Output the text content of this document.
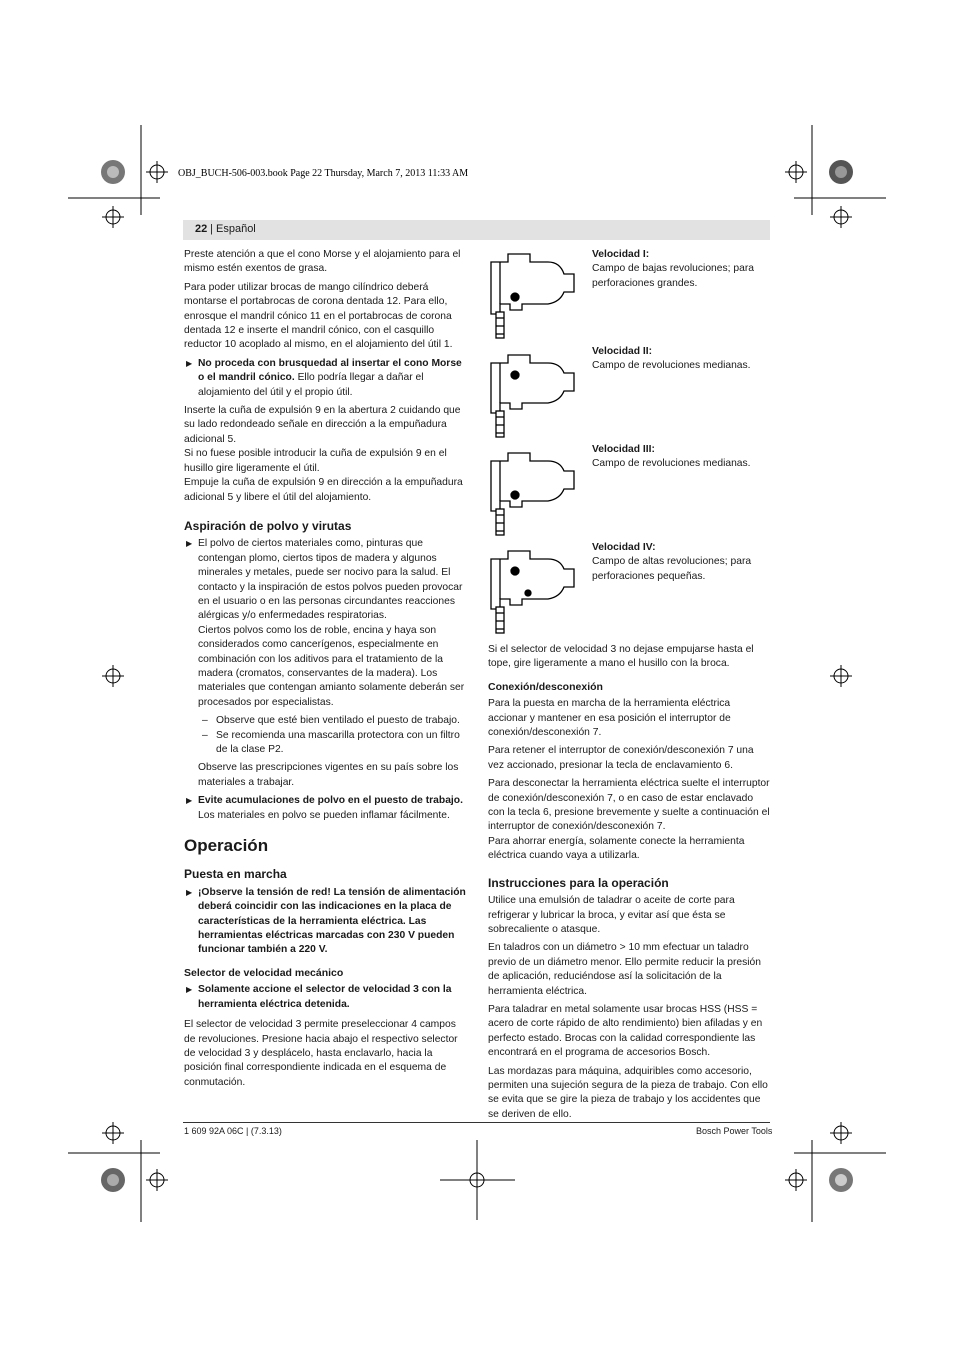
OBJ_BUCH-506-003.book Page 22 Thursday, March 7, 2013 11:33 AM
22 | Español

Preste atención a que el cono Morse y el alojamiento para el mismo estén exentos de grasa.

Para poder utilizar brocas de mango cilíndrico deberá montarse el portabrocas de corona dentada 12. Para ello, enrosque el mandril cónico 11 en el portabrocas de corona dentada 12 e inserte el mandril cónico, con el casquillo reductor 10 acoplado al mismo, en el alojamiento del útil 1.

▶ No proceda con brusquedad al insertar el cono Morse o el mandril cónico. Ello podría llegar a dañar el alojamiento del útil y el propio útil.

Inserte la cuña de expulsión 9 en la abertura 2 cuidando que su lado redondeado señale en dirección a la empuñadura adicional 5.

Si no fuese posible introducir la cuña de expulsión 9 en el husillo gire ligeramente el útil.

Empuje la cuña de expulsión 9 en dirección a la empuñadura adicional 5 y libere el útil del alojamiento.

Aspiración de polvo y virutas
▶ El polvo de ciertos materiales como, pinturas que contengan plomo, ciertos tipos de madera y algunos minerales y metales, puede ser nocivo para la salud. El contacto y la inspiración de estos polvos pueden provocar en el usuario o en las personas circundantes reacciones alérgicas y/o enfermedades respiratorias.
Ciertos polvos como los de roble, encina y haya son considerados como cancerígenos, especialmente en combinación con los aditivos para el tratamiento de la madera (cromatos, conservantes de la madera). Los materiales que contengan amianto solamente deberán ser procesados por especialistas.
– Observe que esté bien ventilado el puesto de trabajo.
– Se recomienda una mascarilla protectora con un filtro de la clase P2.
Observe las prescripciones vigentes en su país sobre los materiales a trabajar.
▶ Evite acumulaciones de polvo en el puesto de trabajo.
Los materiales en polvo se pueden inflamar fácilmente.
Operación
Puesta en marcha
▶ ¡Observe la tensión de red! La tensión de alimentación deberá coincidir con las indicaciones en la placa de características de la herramienta eléctrica. Las herramientas eléctricas marcadas con 230 V pueden funcionar también a 220 V.
Selector de velocidad mecánico
▶ Solamente accione el selector de velocidad 3 con la herramienta eléctrica detenida.

El selector de velocidad 3 permite preseleccionar 4 campos de revoluciones. Presione hacia abajo el respectivo selector de velocidad 3 y desplácelo, hasta enclavarlo, hacia la posición final correspondiente indicada en el esquema de conmutación.

Velocidad I:
Campo de bajas revoluciones; para perforaciones grandes.
Velocidad II:
Campo de revoluciones medianas.
Velocidad III:
Campo de revoluciones medianas.
Velocidad IV:
Campo de altas revoluciones; para perforaciones pequeñas.

Si el selector de velocidad 3 no dejase empujarse hasta el tope, gire ligeramente a mano el husillo con la broca.

Conexión/desconexión

Para la puesta en marcha de la herramienta eléctrica accionar y mantener en esa posición el interruptor de conexión/desconexión 7.

Para retener el interruptor de conexión/desconexión 7 una vez accionado, presionar la tecla de enclavamiento 6.

Para desconectar la herramienta eléctrica suelte el interruptor de conexión/desconexión 7, o en caso de estar enclavado con la tecla 6, presione brevemente y suelte a continuación el interruptor de conexión/desconexión 7.

Para ahorrar energía, solamente conecte la herramienta eléctrica cuando vaya a utilizarla.

Instrucciones para la operación

Utilice una emulsión de taladrar o aceite de corte para refrigerar y lubricar la broca, y evitar así que ésta se sobrecaliente o atasque.

En taladros con un diámetro > 10 mm efectuar un taladro previo de un diámetro menor. Ello permite reducir la presión de aplicación, reduciéndose así la solicitación de la herramienta eléctrica.

Para taladrar en metal solamente usar brocas HSS (HSS = acero de corte rápido de alto rendimiento) bien afiladas y en perfecto estado. Brocas con la calidad correspondiente las encontrará en el programa de accesorios Bosch.

Las mordazas para máquina, adquiribles como accesorio, permiten una sujeción segura de la pieza de trabajo. Con ello se evita que se gire la pieza de trabajo y los accidentes que se deriven de ello.

1 609 92A 06C | (7.3.13)	Bosch Power Tools
